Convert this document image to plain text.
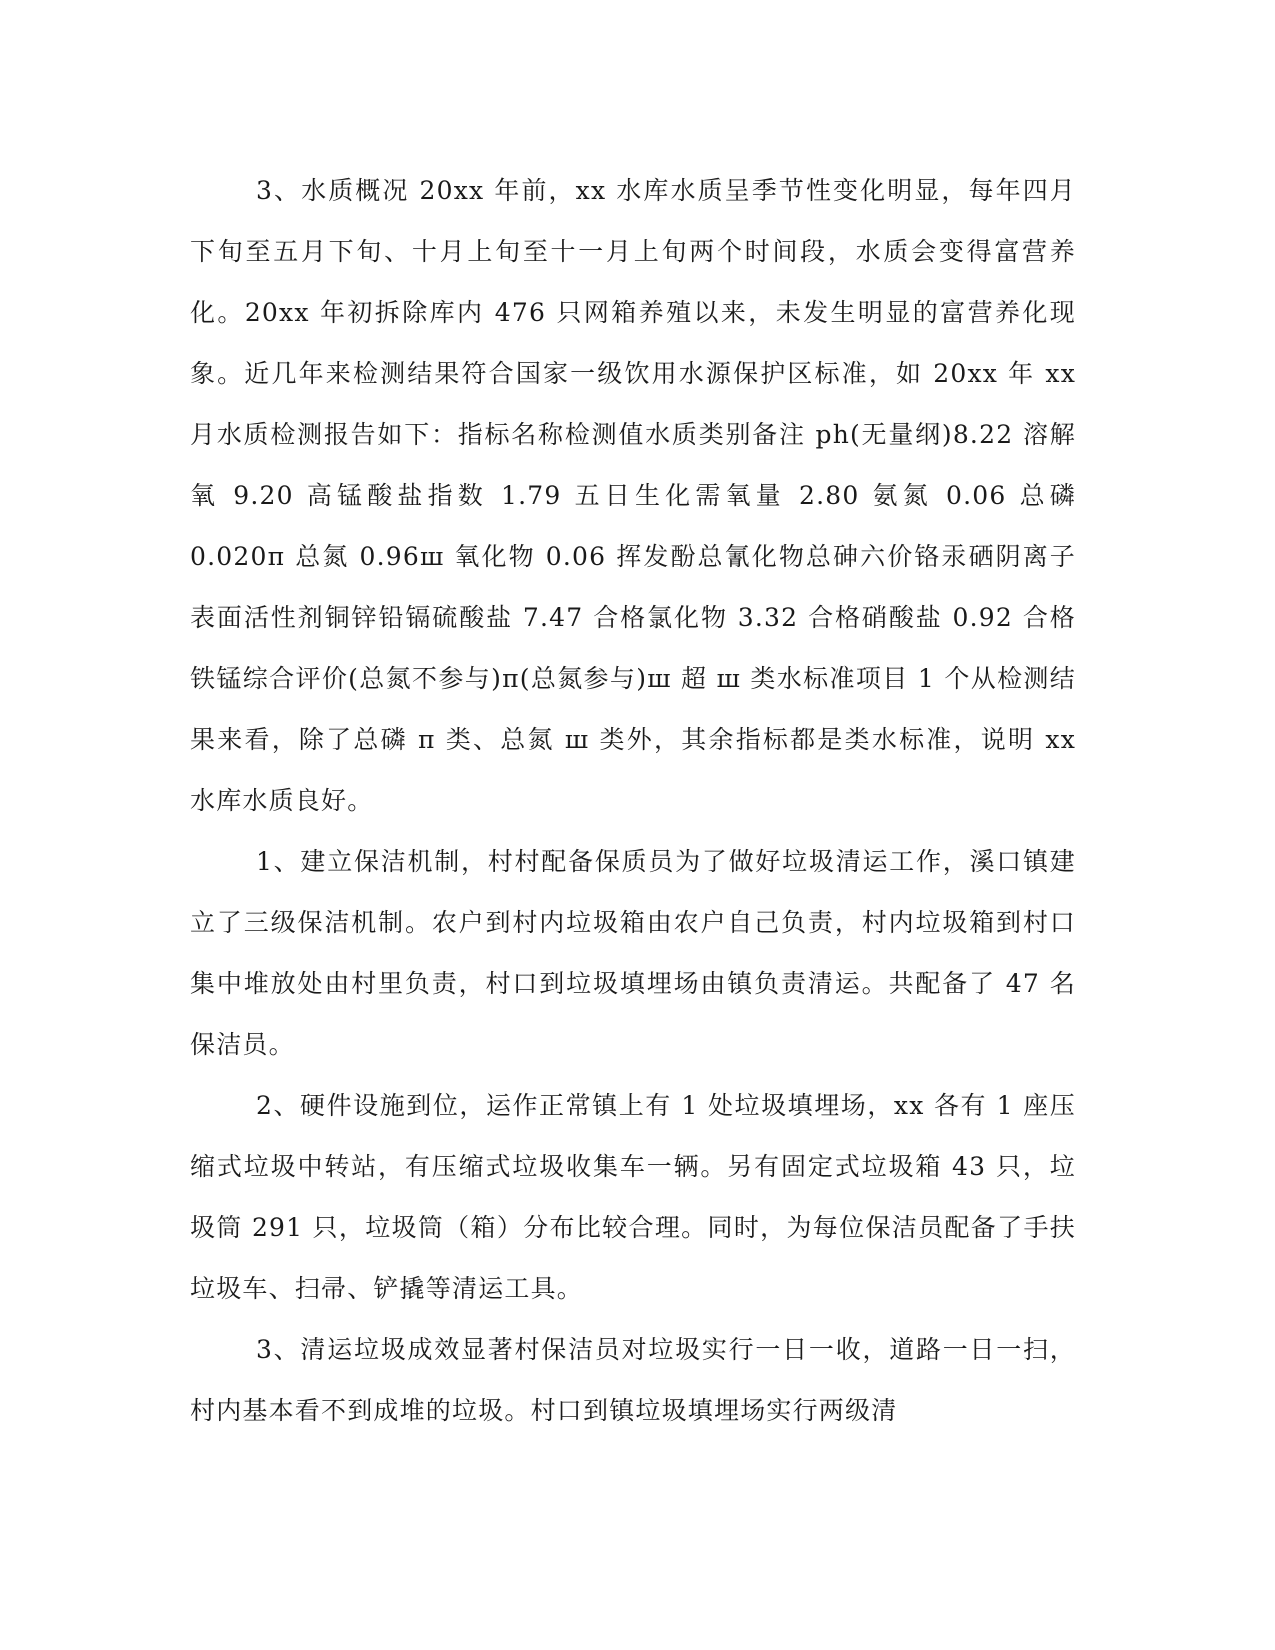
3、水质概况 20xx 年前，xx 水库水质呈季节性变化明显，每年四月下旬至五月下旬、十月上旬至十一月上旬两个时间段，水质会变得富营养化。20xx 年初拆除库内 476 只网箱养殖以来，未发生明显的富营养化现象。近几年来检测结果符合国家一级饮用水源保护区标准，如 20xx 年 xx 月水质检测报告如下：指标名称检测值水质类别备注 ph(无量纲)8.22 溶解氧 9.20 高锰酸盐指数 1.79 五日生化需氧量 2.80 氨氮 0.06 总磷 0.020π 总氮 0.96ш 氧化物 0.06 挥发酚总氰化物总砷六价铬汞硒阴离子表面活性剂铜锌铅镉硫酸盐 7.47 合格氯化物 3.32 合格硝酸盐 0.92 合格铁锰综合评价(总氮不参与)π(总氮参与)ш 超 ш 类水标准项目 1 个从检测结果来看，除了总磷 π 类、总氮 ш 类外，其余指标都是类水标准，说明 xx 水库水质良好。

1、建立保洁机制，村村配备保质员为了做好垃圾清运工作，溪口镇建立了三级保洁机制。农户到村内垃圾箱由农户自己负责，村内垃圾箱到村口集中堆放处由村里负责，村口到垃圾填埋场由镇负责清运。共配备了 47 名保洁员。

2、硬件设施到位，运作正常镇上有 1 处垃圾填埋场，xx 各有 1 座压缩式垃圾中转站，有压缩式垃圾收集车一辆。另有固定式垃圾箱 43 只，垃圾筒 291 只，垃圾筒（箱）分布比较合理。同时，为每位保洁员配备了手扶垃圾车、扫帚、铲撬等清运工具。

3、清运垃圾成效显著村保洁员对垃圾实行一日一收，道路一日一扫，村内基本看不到成堆的垃圾。村口到镇垃圾填埋场实行两级清
